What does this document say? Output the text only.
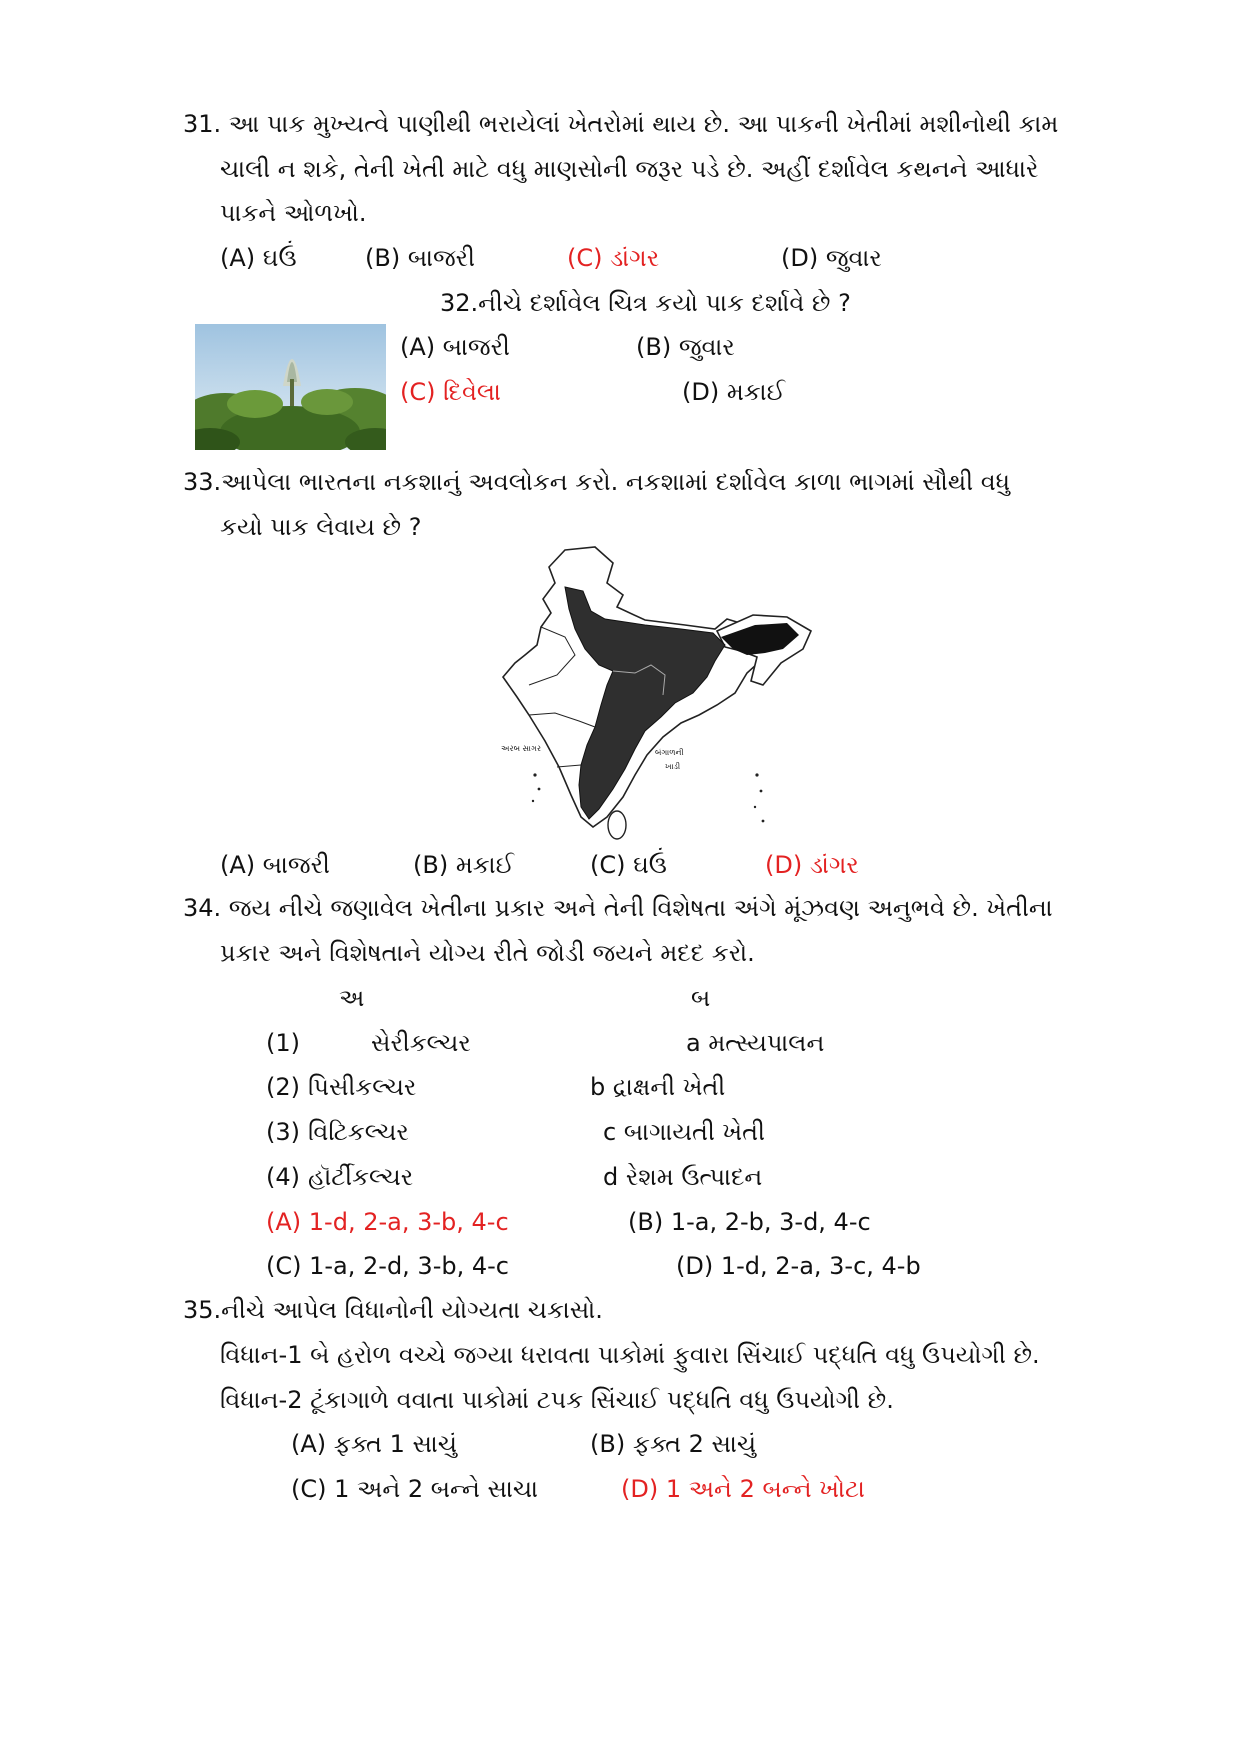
31. આ પાક મુખ્યત્વે પાણીથી ભરાયેલાં ખેતરોમાં થાય છે. આ પાકની ખેતીમાં મશીનોથી કામ
ચાલી ન શકે, તેની ખેતી માટે વધુ માણસોની જરૂર પડે છે. અહીં દર્શાવેલ કથનને આધારે
પાકને ઓળખો.
(A) ઘઉં	(B) બાજરી	(C) ડાંગર	(D) જુવાર
32.નીચે દર્શાવેલ ચિત્ર કયો પાક દર્શાવે છે ?
(A) બાજરી	(B) જુવાર
(C) દિવેલા	(D) મકાઈ
33.આપેલા ભારતના નકશાનું અવલોકન કરો. નકશામાં દર્શાવેલ કાળા ભાગમાં સૌથી વધુ
કયો પાક લેવાય છે ?
અરબ સાગર	બંગાળની
ખાડી
(A) બાજરી	(B) મકાઈ	(C) ઘઉં	(D) ડાંગર
34. જય નીચે જણાવેલ ખેતીના પ્રકાર અને તેની વિશેષતા અંગે મૂંઝવણ અનુભવે છે. ખેતીના
પ્રકાર અને વિશેષતાને યોગ્ય રીતે જોડી જયને મદદ કરો.
અ	બ
(1)	સેરીકલ્ચર	a મત્સ્યપાલન
(2) પિસીકલ્ચર	b દ્રાક્ષની ખેતી
(3) વિટિકલ્ચર	c બાગાયતી ખેતી
(4) હૉર્ટીકલ્ચર	d રેશમ ઉત્પાદન
(A) 1-d, 2-a, 3-b, 4-c	(B) 1-a, 2-b, 3-d, 4-c
(C) 1-a, 2-d, 3-b, 4-c	(D) 1-d, 2-a, 3-c, 4-b
35.નીચે આપેલ વિધાનોની યોગ્યતા ચકાસો.
વિધાન-1 બે હરોળ વચ્ચે જગ્યા ધરાવતા પાકોમાં ફુવારા સિંચાઈ પદ્ધતિ વધુ ઉપયોગી છે.
વિધાન-2 ટૂંકાગાળે વવાતા પાકોમાં ટપક સિંચાઈ પદ્ધતિ વધુ ઉપયોગી છે.
(A) ફક્ત 1 સાચું	(B) ફક્ત 2 સાચું
(C) 1 અને 2 બન્ને સાચા	(D) 1 અને 2 બન્ને ખોટા
